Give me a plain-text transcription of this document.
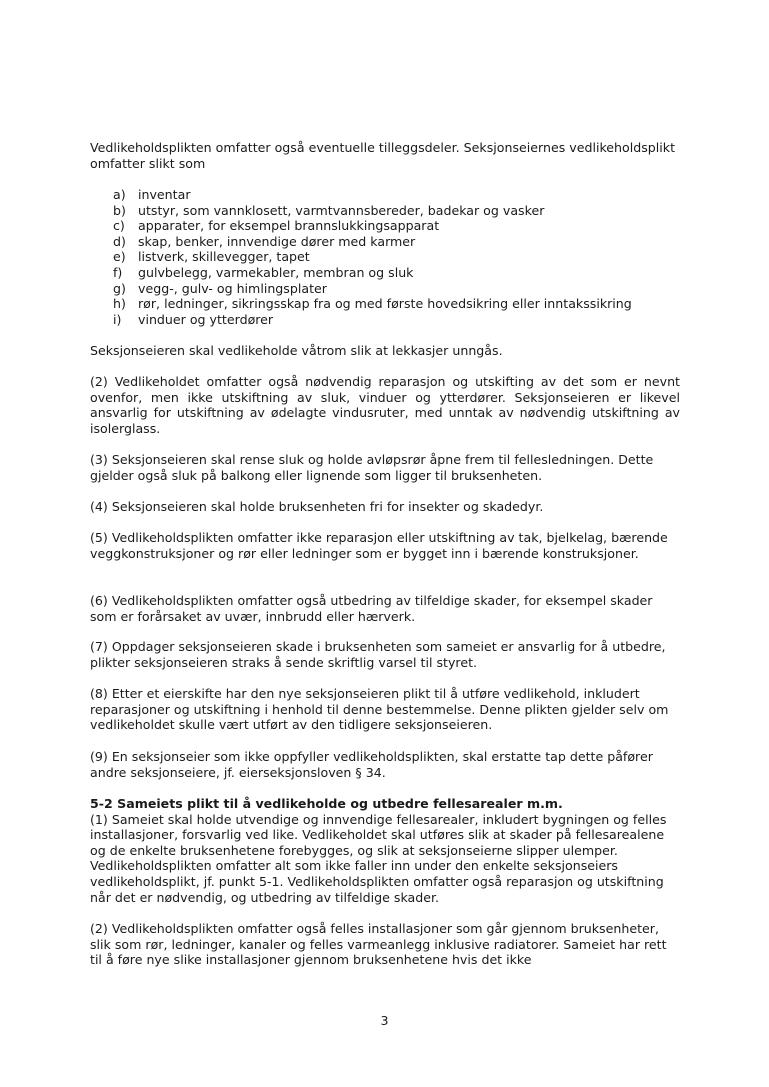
Vedlikeholdsplikten omfatter også eventuelle tilleggsdeler. Seksjonseiernes vedlikeholdsplikt omfatter slikt som

a) inventar
b) utstyr, som vannklosett, varmtvannsbereder, badekar og vasker
c) apparater, for eksempel brannslukkingsapparat
d) skap, benker, innvendige dører med karmer
e) listverk, skillevegger, tapet
f) gulvbelegg, varmekabler, membran og sluk
g) vegg-, gulv- og himlingsplater
h) rør, ledninger, sikringsskap fra og med første hovedsikring eller inntakssikring
i) vinduer og ytterdører

Seksjonseieren skal vedlikeholde våtrom slik at lekkasjer unngås.

(2) Vedlikeholdet omfatter også nødvendig reparasjon og utskifting av det som er nevnt ovenfor, men ikke utskiftning av sluk, vinduer og ytterdører. Seksjonseieren er likevel ansvarlig for utskiftning av ødelagte vindusruter, med unntak av nødvendig utskiftning av isolerglass.

(3) Seksjonseieren skal rense sluk og holde avløpsrør åpne frem til fellesledningen. Dette gjelder også sluk på balkong eller lignende som ligger til bruksenheten.

(4) Seksjonseieren skal holde bruksenheten fri for insekter og skadedyr.

(5) Vedlikeholdsplikten omfatter ikke reparasjon eller utskiftning av tak, bjelkelag, bærende veggkonstruksjoner og rør eller ledninger som er bygget inn i bærende konstruksjoner.

(6) Vedlikeholdsplikten omfatter også utbedring av tilfeldige skader, for eksempel skader som er forårsaket av uvær, innbrudd eller hærverk.

(7) Oppdager seksjonseieren skade i bruksenheten som sameiet er ansvarlig for å utbedre, plikter seksjonseieren straks å sende skriftlig varsel til styret.

(8) Etter et eierskifte har den nye seksjonseieren plikt til å utføre vedlikehold, inkludert reparasjoner og utskiftning i henhold til denne bestemmelse. Denne plikten gjelder selv om vedlikeholdet skulle vært utført av den tidligere seksjonseieren.

(9) En seksjonseier som ikke oppfyller vedlikeholdsplikten, skal erstatte tap dette påfører andre seksjonseiere, jf. eierseksjonsloven § 34.

5-2 Sameiets plikt til å vedlikeholde og utbedre fellesarealer m.m.
(1) Sameiet skal holde utvendige og innvendige fellesarealer, inkludert bygningen og felles installasjoner, forsvarlig ved like. Vedlikeholdet skal utføres slik at skader på fellesarealene og de enkelte bruksenhetene forebygges, og slik at seksjonseierne slipper ulemper. Vedlikeholdsplikten omfatter alt som ikke faller inn under den enkelte seksjonseiers vedlikeholdsplikt, jf. punkt 5-1. Vedlikeholdsplikten omfatter også reparasjon og utskiftning når det er nødvendig, og utbedring av tilfeldige skader.

(2) Vedlikeholdsplikten omfatter også felles installasjoner som går gjennom bruksenheter, slik som rør, ledninger, kanaler og felles varmeanlegg inklusive radiatorer. Sameiet har rett til å føre nye slike installasjoner gjennom bruksenhetene hvis det ikke

3
